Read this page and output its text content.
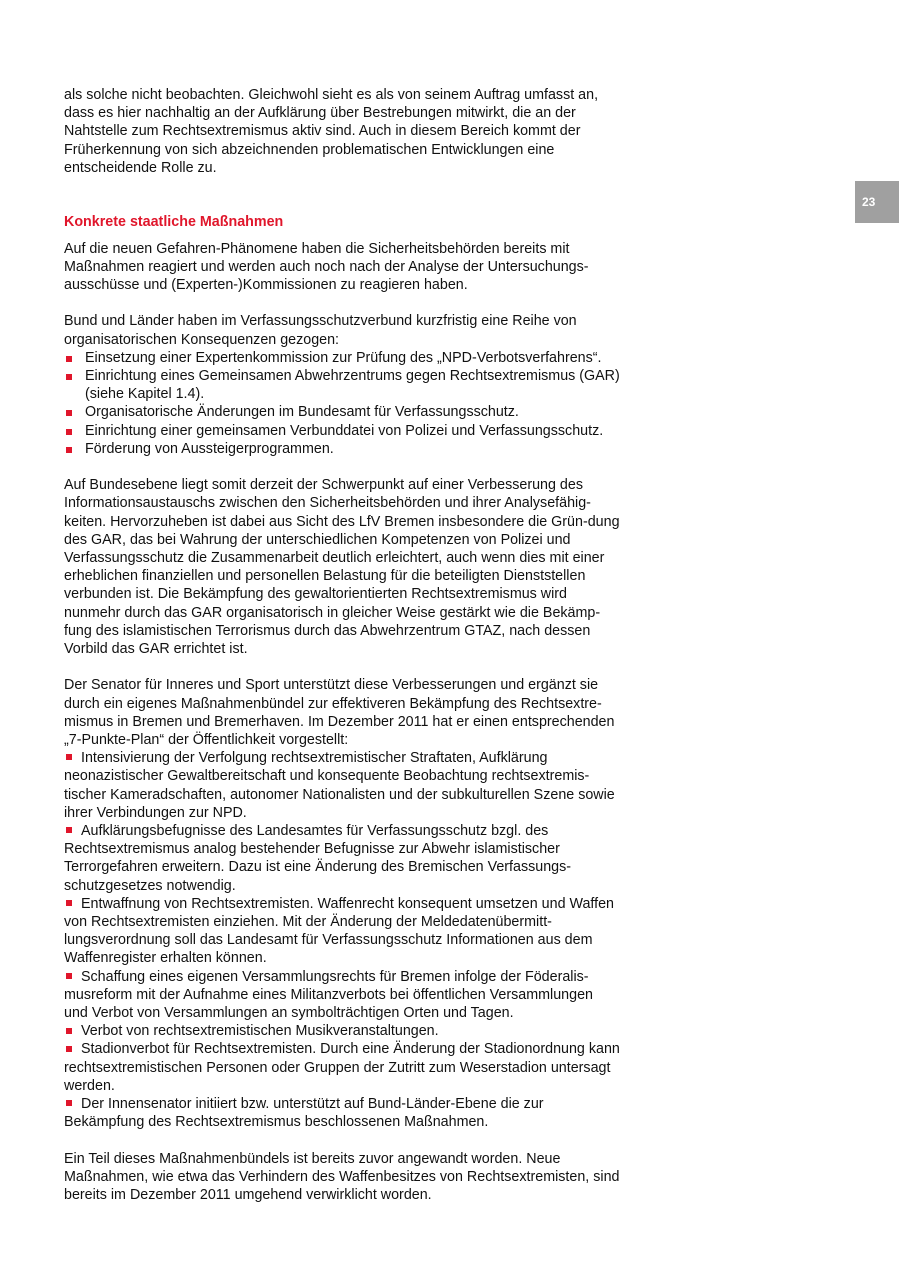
23

als solche nicht beobachten. Gleichwohl sieht es als von seinem Auftrag umfasst an, dass es hier nachhaltig an der Aufklärung über Bestrebungen mitwirkt, die an der Nahtstelle zum Rechtsextremismus aktiv sind. Auch in diesem Bereich kommt der Früherkennung von sich abzeichnenden problematischen Entwicklungen eine entscheidende Rolle zu.

Konkrete staatliche Maßnahmen

Auf die neuen Gefahren-Phänomene haben die Sicherheitsbehörden bereits mit Maßnahmen reagiert und werden auch noch nach der Analyse der Untersuchungs-ausschüsse und (Experten-)Kommissionen zu reagieren haben.

Bund und Länder haben im Verfassungsschutzverbund kurzfristig eine Reihe von organisatorischen Konsequenzen gezogen:

Einsetzung einer Expertenkommission zur Prüfung des „NPD-Verbotsverfahrens“.
Einrichtung eines Gemeinsamen Abwehrzentrums gegen Rechtsextremismus (GAR) (siehe Kapitel 1.4).
Organisatorische Änderungen im Bundesamt für Verfassungsschutz.
Einrichtung einer gemeinsamen Verbunddatei von Polizei und Verfassungsschutz.
Förderung von Aussteigerprogrammen.

Auf Bundesebene liegt somit derzeit der Schwerpunkt auf einer Verbesserung des Informationsaustauschs zwischen den Sicherheitsbehörden und ihrer Analysefähig-keiten. Hervorzuheben ist dabei aus Sicht des LfV Bremen insbesondere die Grün-dung des GAR, das bei Wahrung der unterschiedlichen Kompetenzen von Polizei und Verfassungsschutz die Zusammenarbeit deutlich erleichtert, auch wenn dies mit einer erheblichen finanziellen und personellen Belastung für die beteiligten Dienststellen verbunden ist. Die Bekämpfung des gewaltorientierten Rechtsextremismus wird nunmehr durch das GAR organisatorisch in gleicher Weise gestärkt wie die Bekämp-fung des islamistischen Terrorismus durch das Abwehrzentrum GTAZ, nach dessen Vorbild das GAR errichtet ist.

Der Senator für Inneres und Sport unterstützt diese Verbesserungen und ergänzt sie durch ein eigenes Maßnahmenbündel zur effektiveren Bekämpfung des Rechtsextre-mismus in Bremen und Bremerhaven. Im Dezember 2011 hat er einen entsprechenden „7-Punkte-Plan“ der Öffentlichkeit vorgestellt:

Intensivierung der Verfolgung rechtsextremistischer Straftaten, Aufklärung neonazistischer Gewaltbereitschaft und konsequente Beobachtung rechtsextremis-tischer Kameradschaften, autonomer Nationalisten und der subkulturellen Szene sowie ihrer Verbindungen zur NPD.

Aufklärungsbefugnisse des Landesamtes für Verfassungsschutz bzgl. des Rechtsextremismus analog bestehender Befugnisse zur Abwehr islamistischer Terrorgefahren erweitern. Dazu ist eine Änderung des Bremischen Verfassungs-schutzgesetzes notwendig.

Entwaffnung von Rechtsextremisten. Waffenrecht konsequent umsetzen und Waffen von Rechtsextremisten einziehen. Mit der Änderung der Meldedatenübermitt-lungsverordnung soll das Landesamt für Verfassungsschutz Informationen aus dem Waffenregister erhalten können.

Schaffung eines eigenen Versammlungsrechts für Bremen infolge der Föderalis-musreform mit der Aufnahme eines Militanzverbots bei öffentlichen Versammlungen und Verbot von Versammlungen an symbolträchtigen Orten und Tagen.

Verbot von rechtsextremistischen Musikveranstaltungen.

Stadionverbot für Rechtsextremisten. Durch eine Änderung der Stadionordnung kann rechtsextremistischen Personen oder Gruppen der Zutritt zum Weserstadion untersagt werden.

Der Innensenator initiiert bzw. unterstützt auf Bund-Länder-Ebene die zur Bekämpfung des Rechtsextremismus beschlossenen Maßnahmen.

Ein Teil dieses Maßnahmenbündels ist bereits zuvor angewandt worden. Neue Maßnahmen, wie etwa das Verhindern des Waffenbesitzes von Rechtsextremisten, sind bereits im Dezember 2011 umgehend verwirklicht worden.
